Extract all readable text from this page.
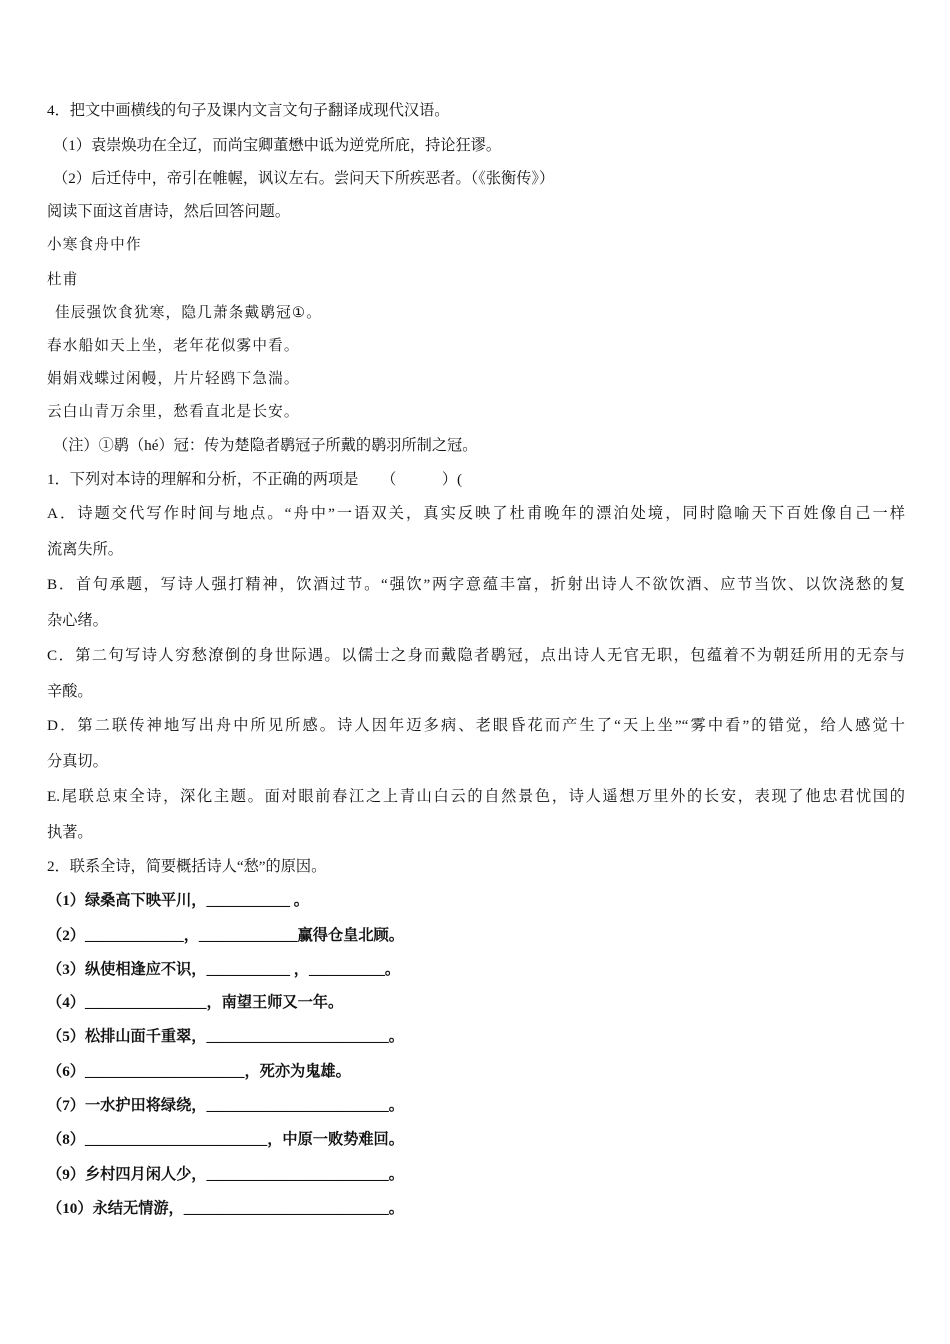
4．把文中画横线的句子及课内文言文句子翻译成现代汉语。
（1）袁崇焕功在全辽，而尚宝卿董懋中诋为逆党所庇，持论狂谬。
（2）后迁侍中，帝引在帷幄，讽议左右。尝问天下所疾恶者。（《张衡传》）
阅读下面这首唐诗，然后回答问题。
小寒食舟中作
杜甫
佳辰强饮食犹寒，隐几萧条戴鹖冠①。
春水船如天上坐，老年花似雾中看。
娟娟戏蝶过闲幔，片片轻鸥下急湍。
云白山青万余里，愁看直北是长安。
（注）①鹖（hé）冠：传为楚隐者鹖冠子所戴的鹖羽所制之冠。
1．下列对本诗的理解和分析，不正确的两项是　　（　　　）(
A．诗题交代写作时间与地点。“舟中”一语双关，真实反映了杜甫晚年的漂泊处境，同时隐喻天下百姓像自己一样
流离失所。
B．首句承题，写诗人强打精神，饮酒过节。“强饮”两字意蕴丰富，折射出诗人不欲饮酒、应节当饮、以饮浇愁的复
杂心绪。
C．第二句写诗人穷愁潦倒的身世际遇。以儒士之身而戴隐者鹖冠，点出诗人无官无职，包蕴着不为朝廷所用的无奈与
辛酸。
D．第二联传神地写出舟中所见所感。诗人因年迈多病、老眼昏花而产生了“天上坐”“雾中看”的错觉，给人感觉十
分真切。
E.尾联总束全诗，深化主题。面对眼前春江之上青山白云的自然景色，诗人遥想万里外的长安，表现了他忠君忧国的
执著。
2．联系全诗，简要概括诗人“愁”的原因。
（1）绿桑高下映平川，___________ 。
（2）_____________，_____________赢得仓皇北顾。
（3）纵使相逢应不识，___________ ，__________。
（4）________________，南望王师又一年。
（5）松排山面千重翠，________________________。
（6）_____________________，死亦为鬼雄。
（7）一水护田将绿绕，________________________。
（8）________________________，中原一败势难回。
（9）乡村四月闲人少，________________________。
（10）永结无情游，___________________________。
